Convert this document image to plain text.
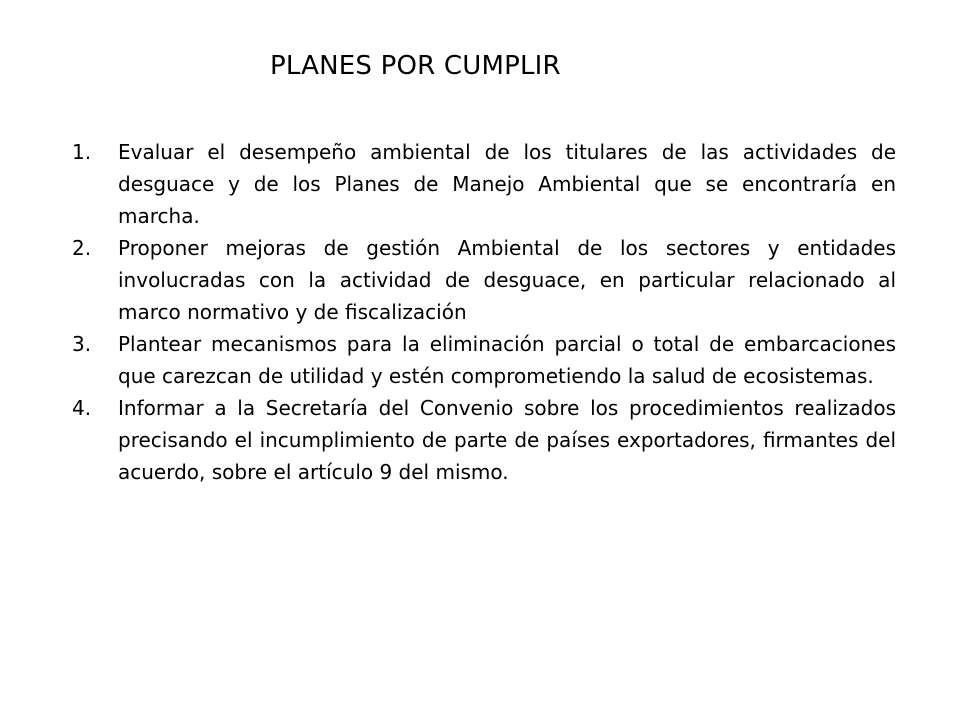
PLANES POR CUMPLIR
1.	Evaluar el desempeño ambiental de los titulares de las actividades de desguace y de los Planes de Manejo Ambiental que se encontraría en marcha.
2.	Proponer mejoras de gestión Ambiental de los sectores y entidades involucradas con la actividad de desguace, en particular relacionado al marco normativo y de fiscalización
3.	Plantear mecanismos para la eliminación parcial o total de embarcaciones que carezcan de utilidad y estén comprometiendo la salud de ecosistemas.
4.	Informar a la Secretaría del Convenio sobre los procedimientos realizados precisando el incumplimiento de parte de países exportadores, firmantes del acuerdo, sobre el artículo 9 del mismo.
